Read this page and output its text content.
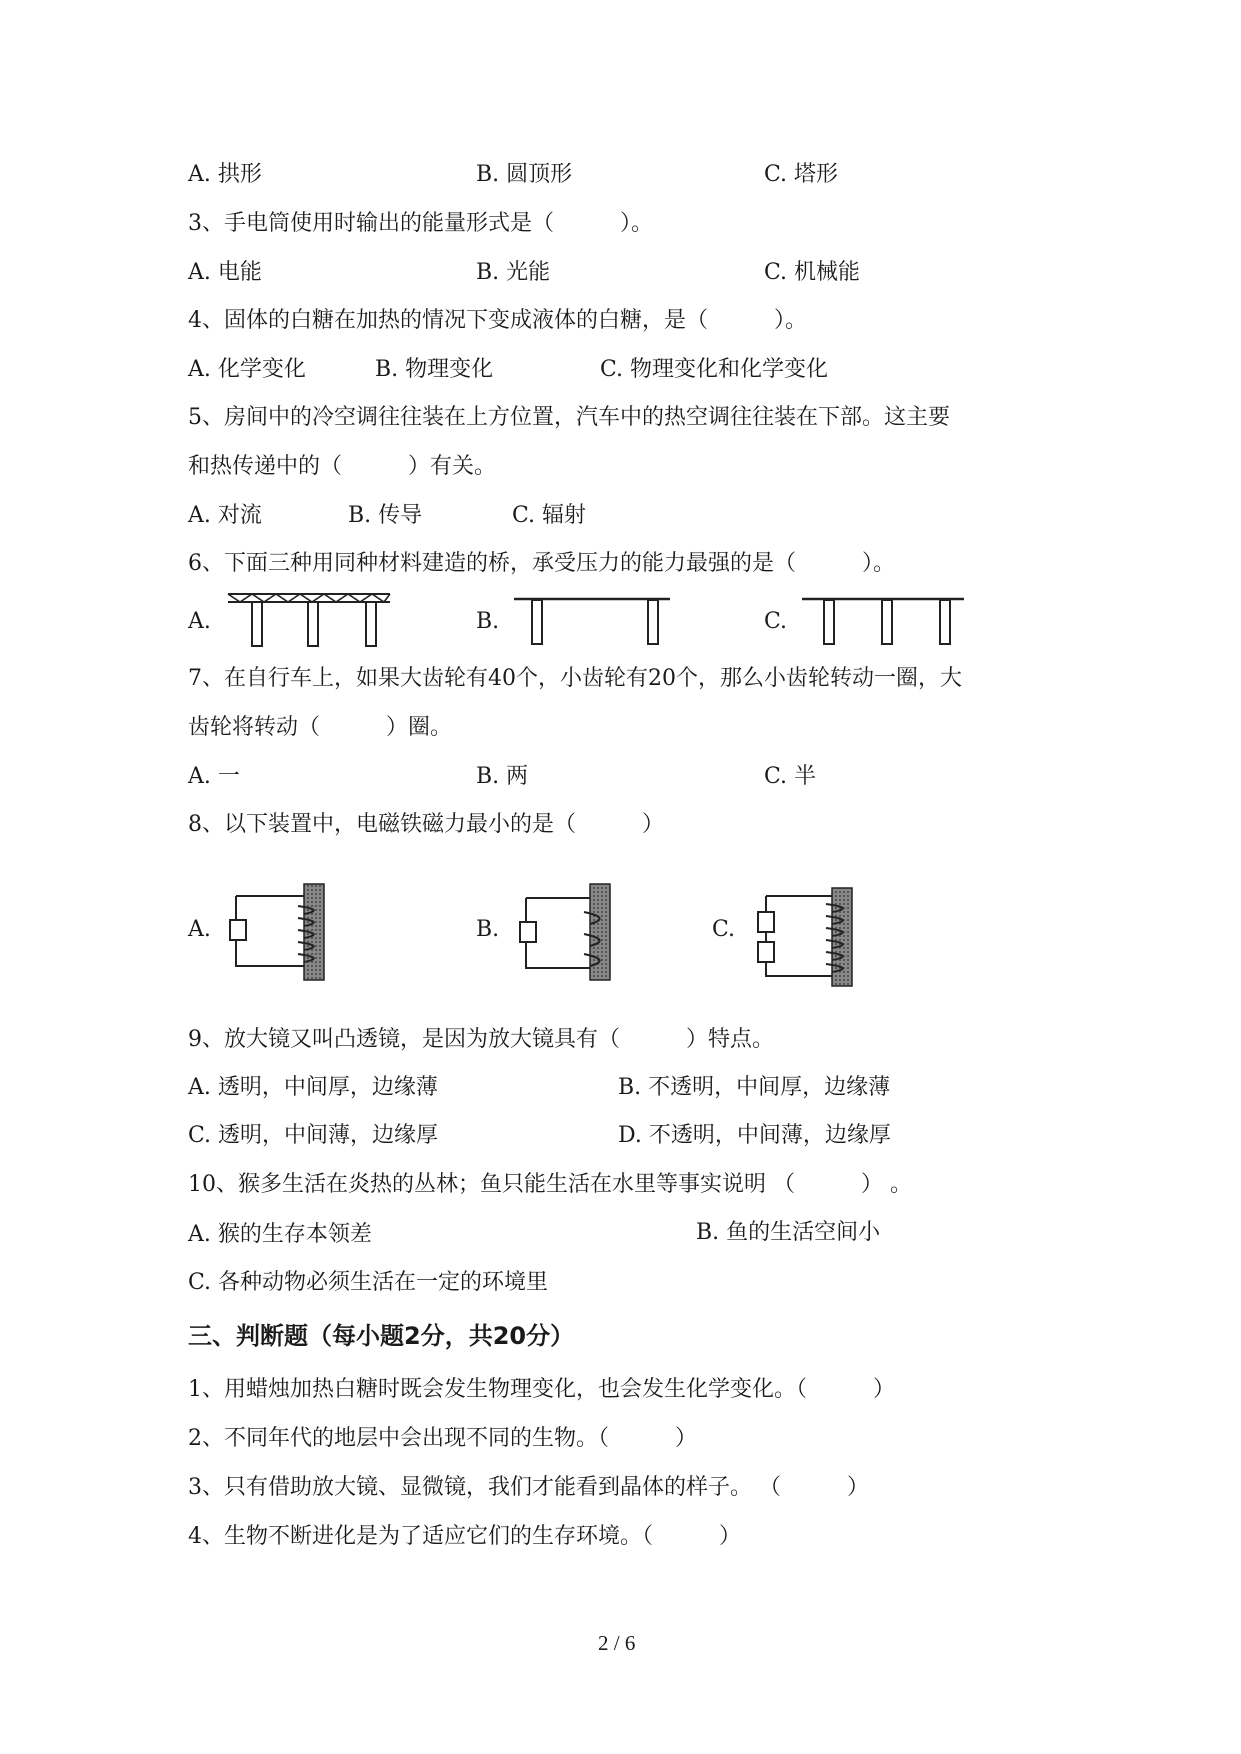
A. 拱形	B. 圆顶形	C. 塔形
3、手电筒使用时输出的能量形式是（　　　）。
A. 电能	B. 光能	C. 机械能
4、固体的白糖在加热的情况下变成液体的白糖，是（　　　）。
A. 化学变化	B. 物理变化	C. 物理变化和化学变化
5、房间中的冷空调往往装在上方位置，汽车中的热空调往往装在下部。这主要
和热传递中的（　　　）有关。
A. 对流	B. 传导	C. 辐射
6、下面三种用同种材料建造的桥，承受压力的能力最强的是（　　　）。
A.	B.	C.
7、在自行车上，如果大齿轮有40个，小齿轮有20个，那么小齿轮转动一圈，大
齿轮将转动（　　　）圈。
A. 一	B. 两	C. 半
8、以下装置中，电磁铁磁力最小的是（　　　）
A.	B.	C.
9、放大镜又叫凸透镜，是因为放大镜具有（　　　）特点。
A. 透明，中间厚，边缘薄	B. 不透明，中间厚，边缘薄
C. 透明，中间薄，边缘厚	D. 不透明，中间薄，边缘厚
10、猴多生活在炎热的丛林；鱼只能生活在水里等事实说明 （　　　） 。
A. 猴的生存本领差	B. 鱼的生活空间小
C. 各种动物必须生活在一定的环境里
三、判断题（每小题2分，共20分）
1、用蜡烛加热白糖时既会发生物理变化，也会发生化学变化。（　　　）
2、不同年代的地层中会出现不同的生物。（　　　）
3、只有借助放大镜、显微镜，我们才能看到晶体的样子。 （　　　）
4、生物不断进化是为了适应它们的生存环境。（　　　）
2 / 6
